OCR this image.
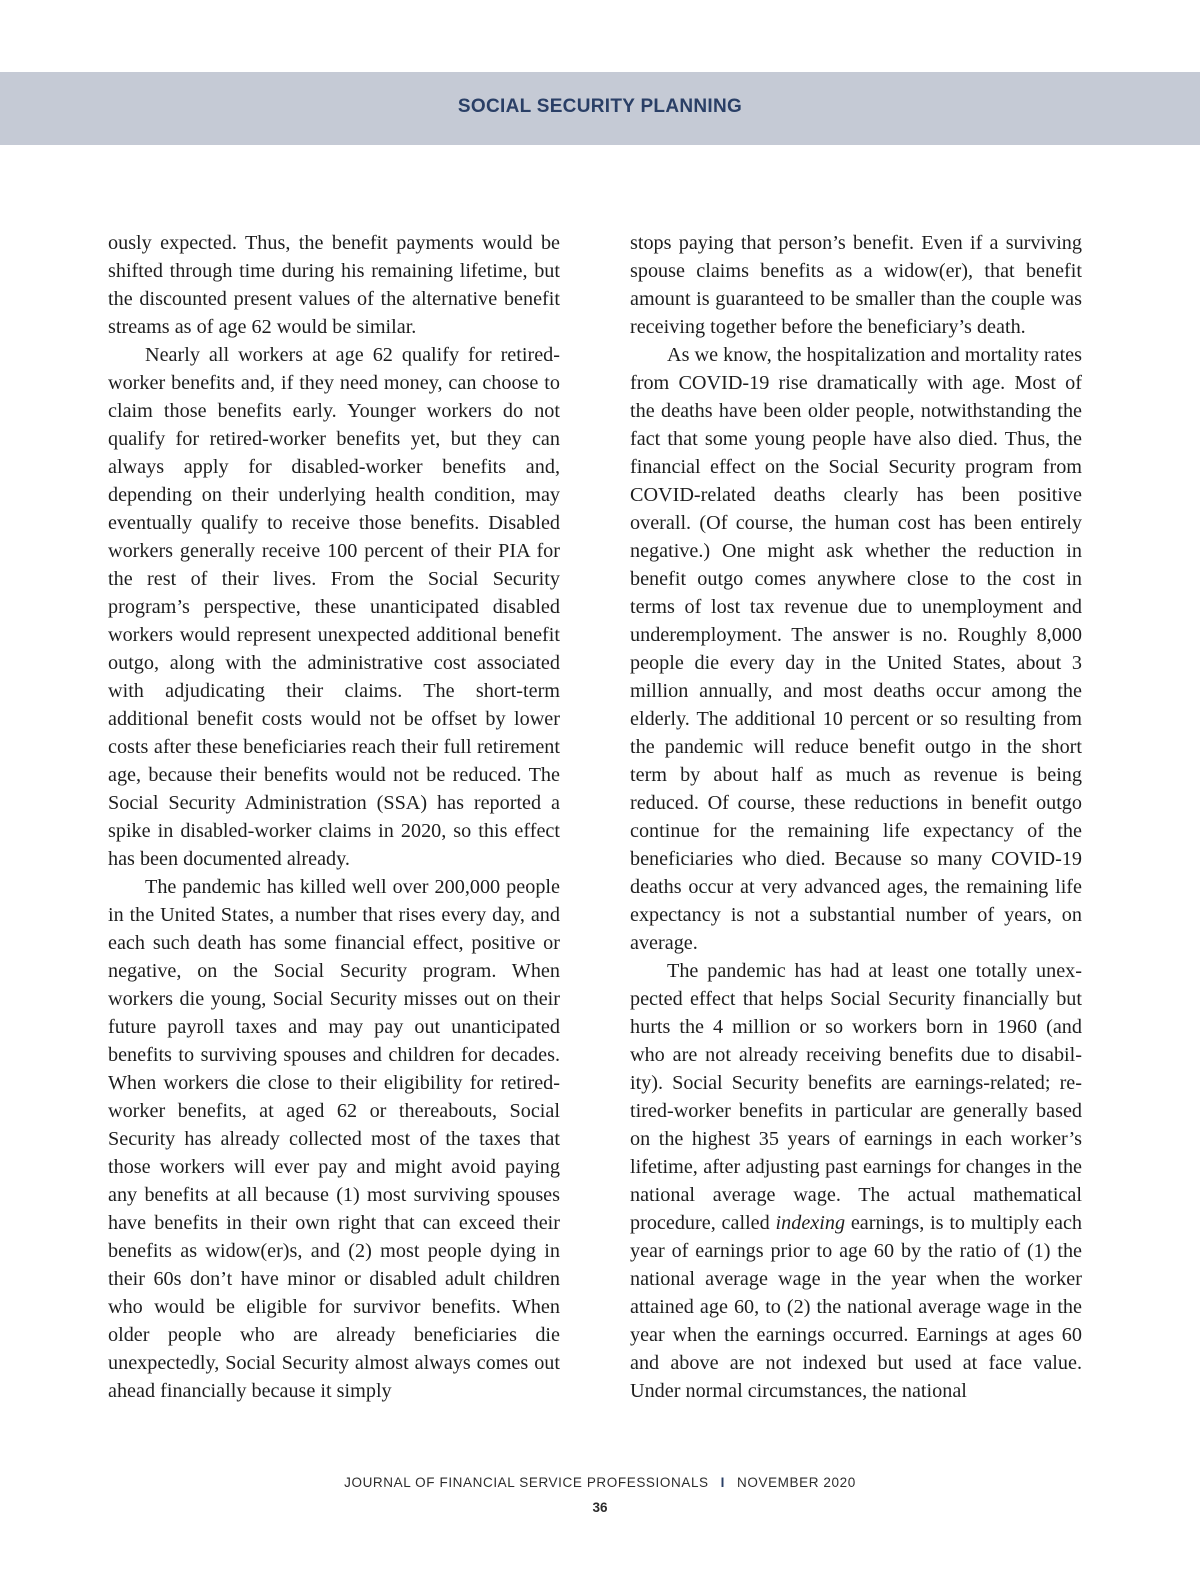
SOCIAL SECURITY PLANNING

ously expected. Thus, the benefit payments would be shifted through time during his remaining lifetime, but the discounted present values of the alternative benefit streams as of age 62 would be similar.

Nearly all workers at age 62 qualify for retired-worker benefits and, if they need money, can choose to claim those benefits early. Younger workers do not qualify for retired-worker benefits yet, but they can always apply for disabled-worker benefits and, depending on their underlying health condition, may eventually qualify to receive those benefits. Disabled workers generally receive 100 percent of their PIA for the rest of their lives. From the Social Security program’s perspective, these unanticipated disabled workers would represent unexpected additional benefit outgo, along with the administrative cost associated with adjudicating their claims. The short-term additional benefit costs would not be offset by lower costs after these beneficiaries reach their full retirement age, because their benefits would not be reduced. The Social Security Administration (SSA) has reported a spike in disabled-worker claims in 2020, so this effect has been documented already.

The pandemic has killed well over 200,000 people in the United States, a number that rises every day, and each such death has some financial effect, positive or negative, on the Social Security program. When workers die young, Social Security misses out on their future payroll taxes and may pay out unanticipated benefits to surviving spouses and children for decades. When workers die close to their eligibility for retired-worker benefits, at aged 62 or thereabouts, Social Security has already collected most of the taxes that those workers will ever pay and might avoid paying any benefits at all because (1) most surviving spouses have benefits in their own right that can exceed their benefits as widow(er)s, and (2) most people dying in their 60s don’t have minor or disabled adult children who would be eligible for survivor benefits. When older people who are already beneficiaries die unexpectedly, Social Security almost always comes out ahead financially because it simply

stops paying that person’s benefit. Even if a surviving spouse claims benefits as a widow(er), that benefit amount is guaranteed to be smaller than the couple was receiving together before the beneficiary’s death.

As we know, the hospitalization and mortality rates from COVID-19 rise dramatically with age. Most of the deaths have been older people, notwithstanding the fact that some young people have also died. Thus, the financial effect on the Social Security program from COVID-related deaths clearly has been positive overall. (Of course, the human cost has been entirely negative.) One might ask whether the reduction in benefit outgo comes anywhere close to the cost in terms of lost tax revenue due to unemployment and underemployment. The answer is no. Roughly 8,000 people die every day in the United States, about 3 million annually, and most deaths occur among the elderly. The additional 10 percent or so resulting from the pandemic will reduce benefit outgo in the short term by about half as much as revenue is being reduced. Of course, these reductions in benefit outgo continue for the remaining life expectancy of the beneficiaries who died. Because so many COVID-19 deaths occur at very advanced ages, the remaining life expectancy is not a substantial number of years, on average.

The pandemic has had at least one totally unexpected effect that helps Social Security financially but hurts the 4 million or so workers born in 1960 (and who are not already receiving benefits due to disability). Social Security benefits are earnings-related; retired-worker benefits in particular are generally based on the highest 35 years of earnings in each worker’s lifetime, after adjusting past earnings for changes in the national average wage. The actual mathematical procedure, called indexing earnings, is to multiply each year of earnings prior to age 60 by the ratio of (1) the national average wage in the year when the worker attained age 60, to (2) the national average wage in the year when the earnings occurred. Earnings at ages 60 and above are not indexed but used at face value. Under normal circumstances, the national

JOURNAL OF FINANCIAL SERVICE PROFESSIONALS I NOVEMBER 2020
36
